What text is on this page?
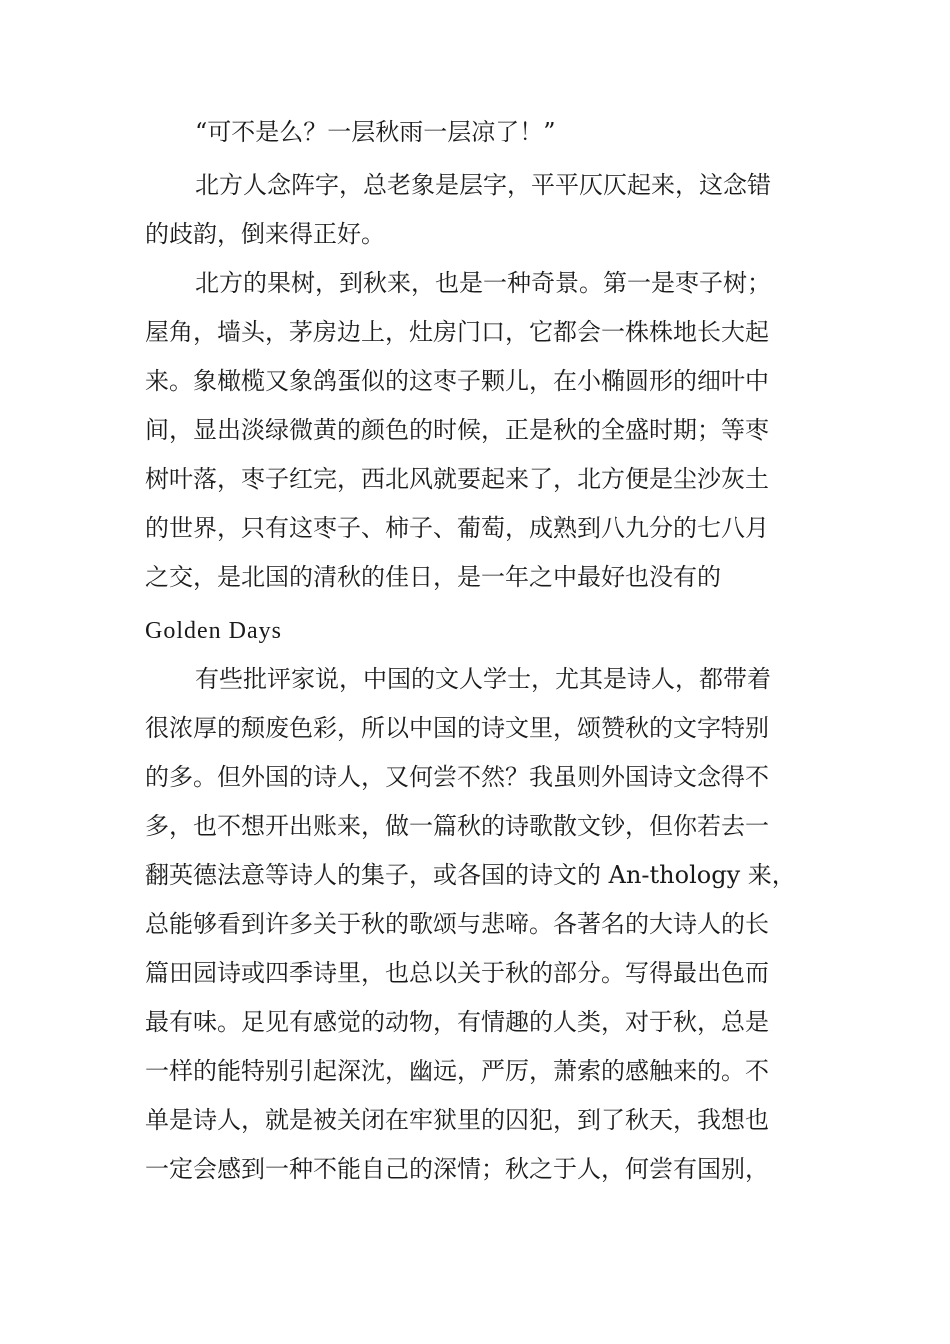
“可不是么？一层秋雨一层凉了！”
北方人念阵字，总老象是层字，平平仄仄起来，这念错
的歧韵，倒来得正好。
北方的果树，到秋来，也是一种奇景。第一是枣子树；
屋角，墙头，茅房边上，灶房门口，它都会一株株地长大起
来。象橄榄又象鸽蛋似的这枣子颗儿，在小椭圆形的细叶中
间，显出淡绿微黄的颜色的时候，正是秋的全盛时期；等枣
树叶落，枣子红完，西北风就要起来了，北方便是尘沙灰土
的世界，只有这枣子、柿子、葡萄，成熟到八九分的七八月
之交，是北国的清秋的佳日，是一年之中最好也没有的
Golden Days
有些批评家说，中国的文人学士，尤其是诗人，都带着
很浓厚的颓废色彩，所以中国的诗文里，颂赞秋的文字特别
的多。但外国的诗人，又何尝不然？我虽则外国诗文念得不
多，也不想开出账来，做一篇秋的诗歌散文钞，但你若去一
翻英德法意等诗人的集子，或各国的诗文的 An-thology 来，
总能够看到许多关于秋的歌颂与悲啼。各著名的大诗人的长
篇田园诗或四季诗里，也总以关于秋的部分。写得最出色而
最有味。足见有感觉的动物，有情趣的人类，对于秋，总是
一样的能特别引起深沈，幽远，严厉，萧索的感触来的。不
单是诗人，就是被关闭在牢狱里的囚犯，到了秋天，我想也
一定会感到一种不能自己的深情；秋之于人，何尝有国别，
